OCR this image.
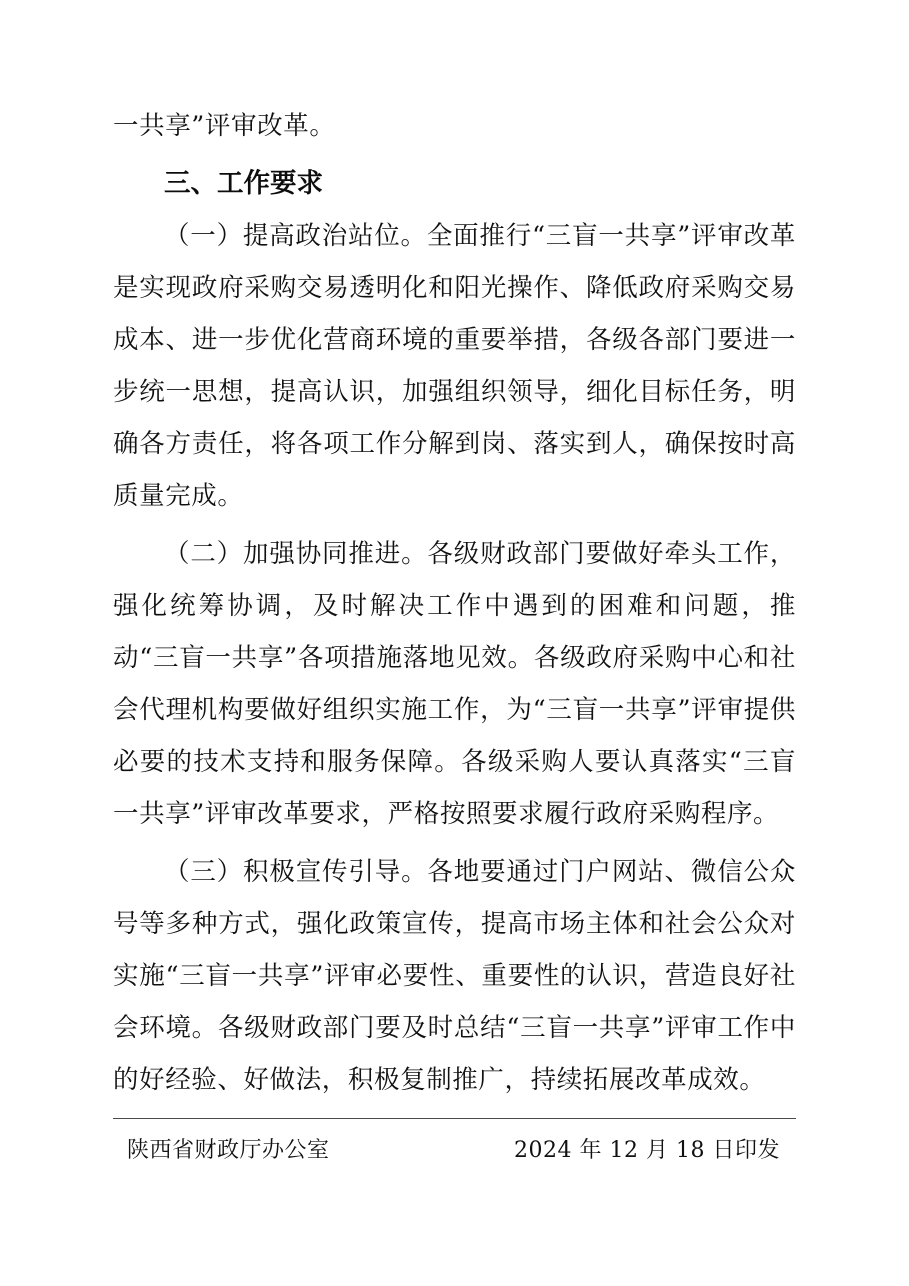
一共享”评审改革。
三、工作要求
（一）提高政治站位。全面推行“三盲一共享”评审改革是实现政府采购交易透明化和阳光操作、降低政府采购交易成本、进一步优化营商环境的重要举措，各级各部门要进一步统一思想，提高认识，加强组织领导，细化目标任务，明确各方责任，将各项工作分解到岗、落实到人，确保按时高质量完成。
（二）加强协同推进。各级财政部门要做好牵头工作，强化统筹协调，及时解决工作中遇到的困难和问题，推动“三盲一共享”各项措施落地见效。各级政府采购中心和社会代理机构要做好组织实施工作，为“三盲一共享”评审提供必要的技术支持和服务保障。各级采购人要认真落实“三盲一共享”评审改革要求，严格按照要求履行政府采购程序。
（三）积极宣传引导。各地要通过门户网站、微信公众号等多种方式，强化政策宣传，提高市场主体和社会公众对实施“三盲一共享”评审必要性、重要性的认识，营造良好社会环境。各级财政部门要及时总结“三盲一共享”评审工作中的好经验、好做法，积极复制推广，持续拓展改革成效。
陕西省财政厅办公室	2024 年 12 月 18 日印发
